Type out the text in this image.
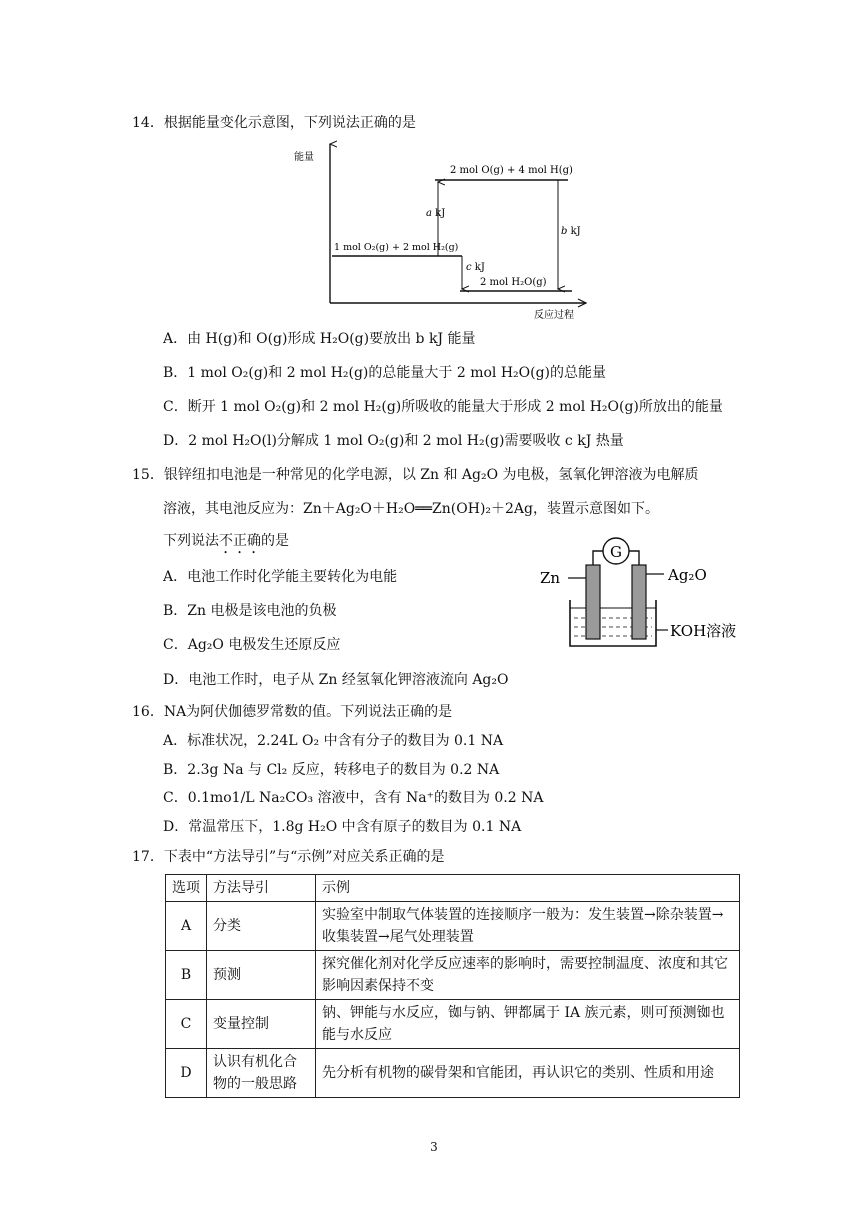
14．根据能量变化示意图，下列说法正确的是
能量
反应过程
2 mol O(g) + 4 mol H(g)
1 mol O₂(g) + 2 mol H₂(g)
2 mol H₂O(g)
a kJ
b kJ
c kJ
A．由 H(g)和 O(g)形成 H₂O(g)要放出 b kJ 能量
B．1 mol O₂(g)和 2 mol H₂(g)的总能量大于 2 mol H₂O(g)的总能量
C．断开 1 mol O₂(g)和 2 mol H₂(g)所吸收的能量大于形成 2 mol H₂O(g)所放出的能量
D．2 mol H₂O(l)分解成 1 mol O₂(g)和 2 mol H₂(g)需要吸收 c kJ 热量
15．银锌纽扣电池是一种常见的化学电源，以 Zn 和 Ag₂O 为电极，氢氧化钾溶液为电解质
溶液，其电池反应为：Zn＋Ag₂O＋H₂O══Zn(OH)₂＋2Ag，装置示意图如下。
下列说法不正确的是
G
Zn	Ag₂O
KOH溶液
A．电池工作时化学能主要转化为电能
B．Zn 电极是该电池的负极
C．Ag₂O 电极发生还原反应
D．电池工作时，电子从 Zn 经氢氧化钾溶液流向 Ag₂O
16．NA为阿伏伽德罗常数的值。下列说法正确的是
A．标准状况，2.24L O₂ 中含有分子的数目为 0.1 NA
B．2.3g Na 与 Cl₂ 反应，转移电子的数目为 0.2 NA
C．0.1mo1/L Na₂CO₃ 溶液中，含有 Na⁺的数目为 0.2 NA
D．常温常压下，1.8g H₂O 中含有原子的数目为 0.1 NA
17．下表中“方法导引”与“示例”对应关系正确的是
选项	方法导引	示例
A	分类	实验室中制取气体装置的连接顺序一般为：发生装置→除杂装置→收集装置→尾气处理装置
B	预测	探究催化剂对化学反应速率的影响时，需要控制温度、浓度和其它影响因素保持不变
C	变量控制	钠、钾能与水反应，铷与钠、钾都属于 IA 族元素，则可预测铷也能与水反应
D	认识有机化合物的一般思路	先分析有机物的碳骨架和官能团，再认识它的类别、性质和用途
3
